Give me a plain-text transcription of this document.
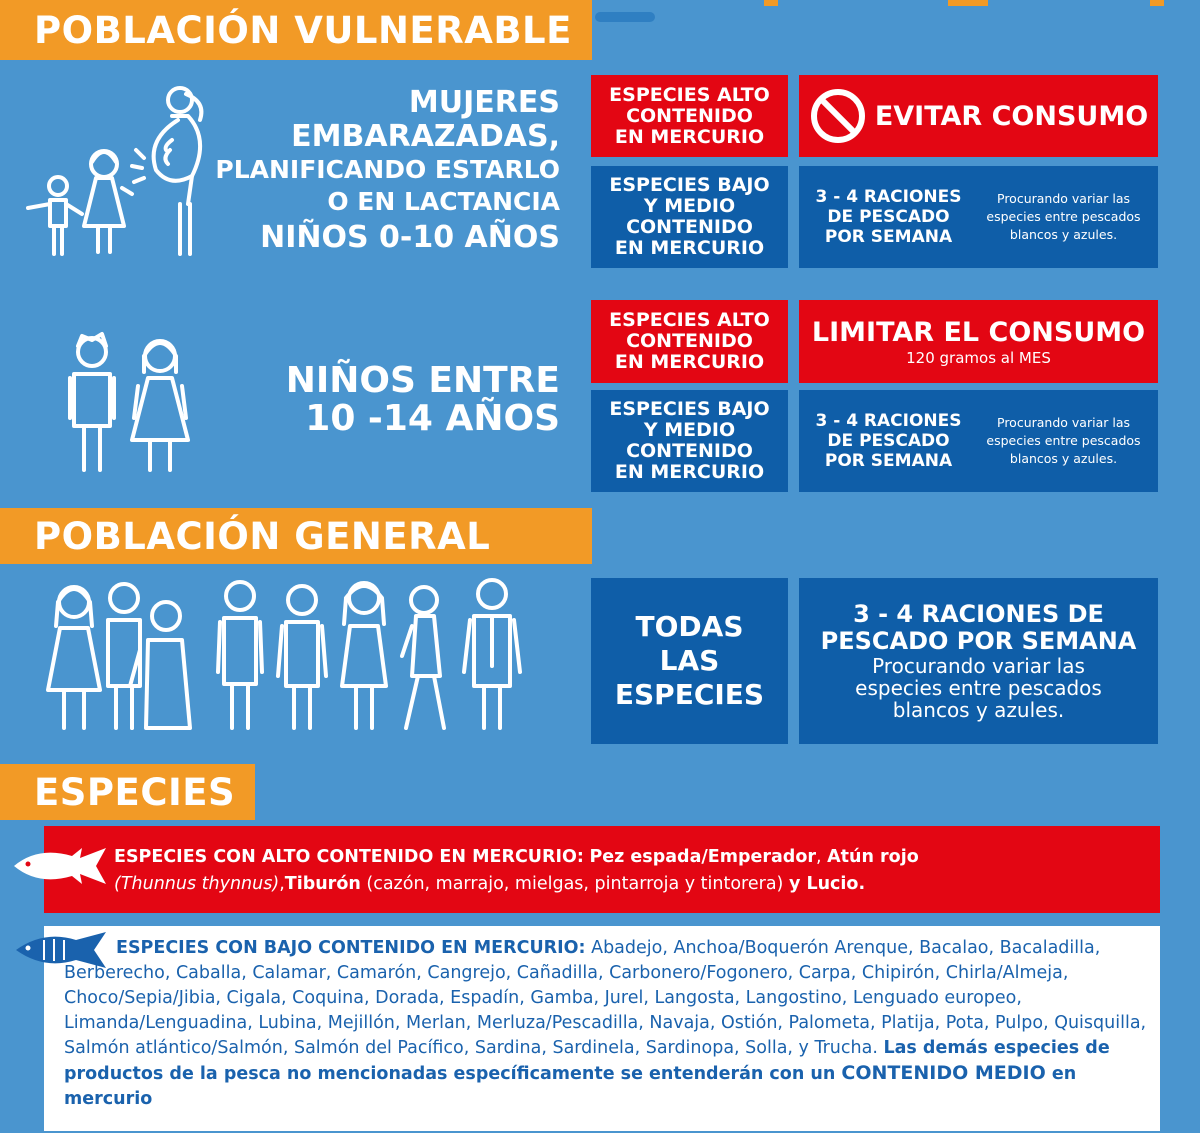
POBLACIÓN VULNERABLE
MUJERES
EMBARAZADAS,
PLANIFICANDO ESTARLO
O EN LACTANCIA
NIÑOS 0-10 AÑOS
ESPECIES ALTO
CONTENIDO
EN MERCURIO
EVITAR CONSUMO
ESPECIES BAJO
Y MEDIO
CONTENIDO
EN MERCURIO
3 - 4 RACIONES
DE PESCADO
POR SEMANA
Procurando variar las
especies entre pescados
blancos y azules.
NIÑOS ENTRE
10 -14 AÑOS
ESPECIES ALTO
CONTENIDO
EN MERCURIO
LIMITAR EL CONSUMO
120 gramos al MES
ESPECIES BAJO
Y MEDIO
CONTENIDO
EN MERCURIO
3 - 4 RACIONES
DE PESCADO
POR SEMANA
Procurando variar las
especies entre pescados
blancos y azules.
POBLACIÓN GENERAL
TODAS
LAS
ESPECIES
3 - 4 RACIONES DE
PESCADO POR SEMANA
Procurando variar las
especies entre pescados
blancos y azules.
ESPECIES
ESPECIES CON ALTO CONTENIDO EN MERCURIO: Pez espada/Emperador, Atún rojo
(Thunnus thynnus),Tiburón (cazón, marrajo, mielgas, pintarroja y tintorera) y Lucio.
ESPECIES CON BAJO CONTENIDO EN MERCURIO: Abadejo, Anchoa/Boquerón Arenque, Bacalao, Bacaladilla, Berberecho, Caballa, Calamar, Camarón, Cangrejo, Cañadilla, Carbonero/Fogonero, Carpa, Chipirón, Chirla/Almeja, Choco/Sepia/Jibia, Cigala, Coquina, Dorada, Espadín, Gamba, Jurel, Langosta, Langostino, Lenguado europeo, Limanda/Lenguadina, Lubina, Mejillón, Merlan, Merluza/Pescadilla, Navaja, Ostión, Palometa, Platija, Pota, Pulpo, Quisquilla, Salmón atlántico/Salmón, Salmón del Pacífico, Sardina, Sardinela, Sardinopa, Solla, y Trucha. Las demás especies de productos de la pesca no mencionadas específicamente se entenderán con un CONTENIDO MEDIO en mercurio
